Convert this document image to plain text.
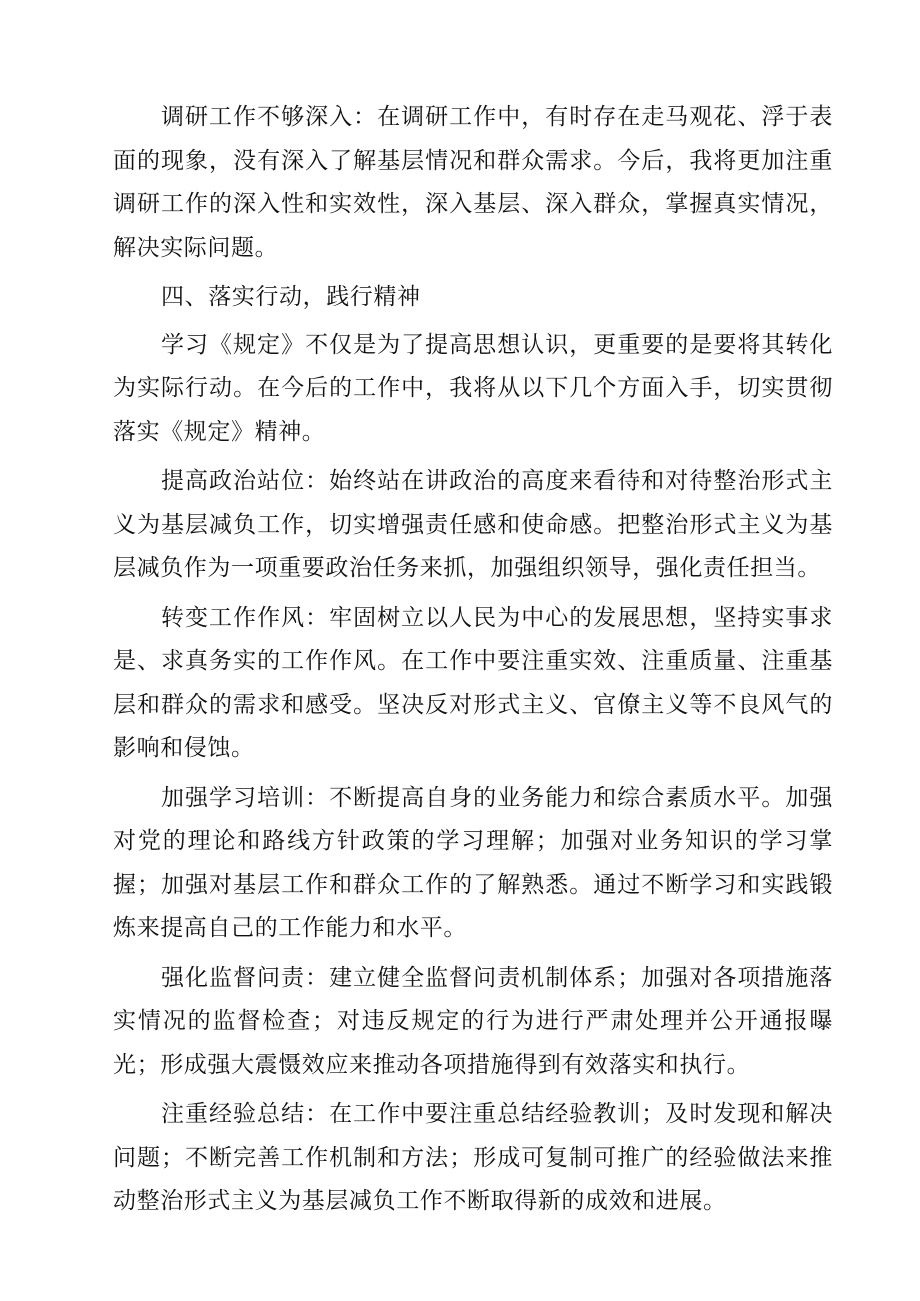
调研工作不够深入：在调研工作中，有时存在走马观花、浮于表面的现象，没有深入了解基层情况和群众需求。今后，我将更加注重调研工作的深入性和实效性，深入基层、深入群众，掌握真实情况，解决实际问题。

四、落实行动，践行精神

学习《规定》不仅是为了提高思想认识，更重要的是要将其转化为实际行动。在今后的工作中，我将从以下几个方面入手，切实贯彻落实《规定》精神。

提高政治站位：始终站在讲政治的高度来看待和对待整治形式主义为基层减负工作，切实增强责任感和使命感。把整治形式主义为基层减负作为一项重要政治任务来抓，加强组织领导，强化责任担当。

转变工作作风：牢固树立以人民为中心的发展思想，坚持实事求是、求真务实的工作作风。在工作中要注重实效、注重质量、注重基层和群众的需求和感受。坚决反对形式主义、官僚主义等不良风气的影响和侵蚀。

加强学习培训：不断提高自身的业务能力和综合素质水平。加强对党的理论和路线方针政策的学习理解；加强对业务知识的学习掌握；加强对基层工作和群众工作的了解熟悉。通过不断学习和实践锻炼来提高自己的工作能力和水平。

强化监督问责：建立健全监督问责机制体系；加强对各项措施落实情况的监督检查；对违反规定的行为进行严肃处理并公开通报曝光；形成强大震慑效应来推动各项措施得到有效落实和执行。

注重经验总结：在工作中要注重总结经验教训；及时发现和解决问题；不断完善工作机制和方法；形成可复制可推广的经验做法来推动整治形式主义为基层减负工作不断取得新的成效和进展。
